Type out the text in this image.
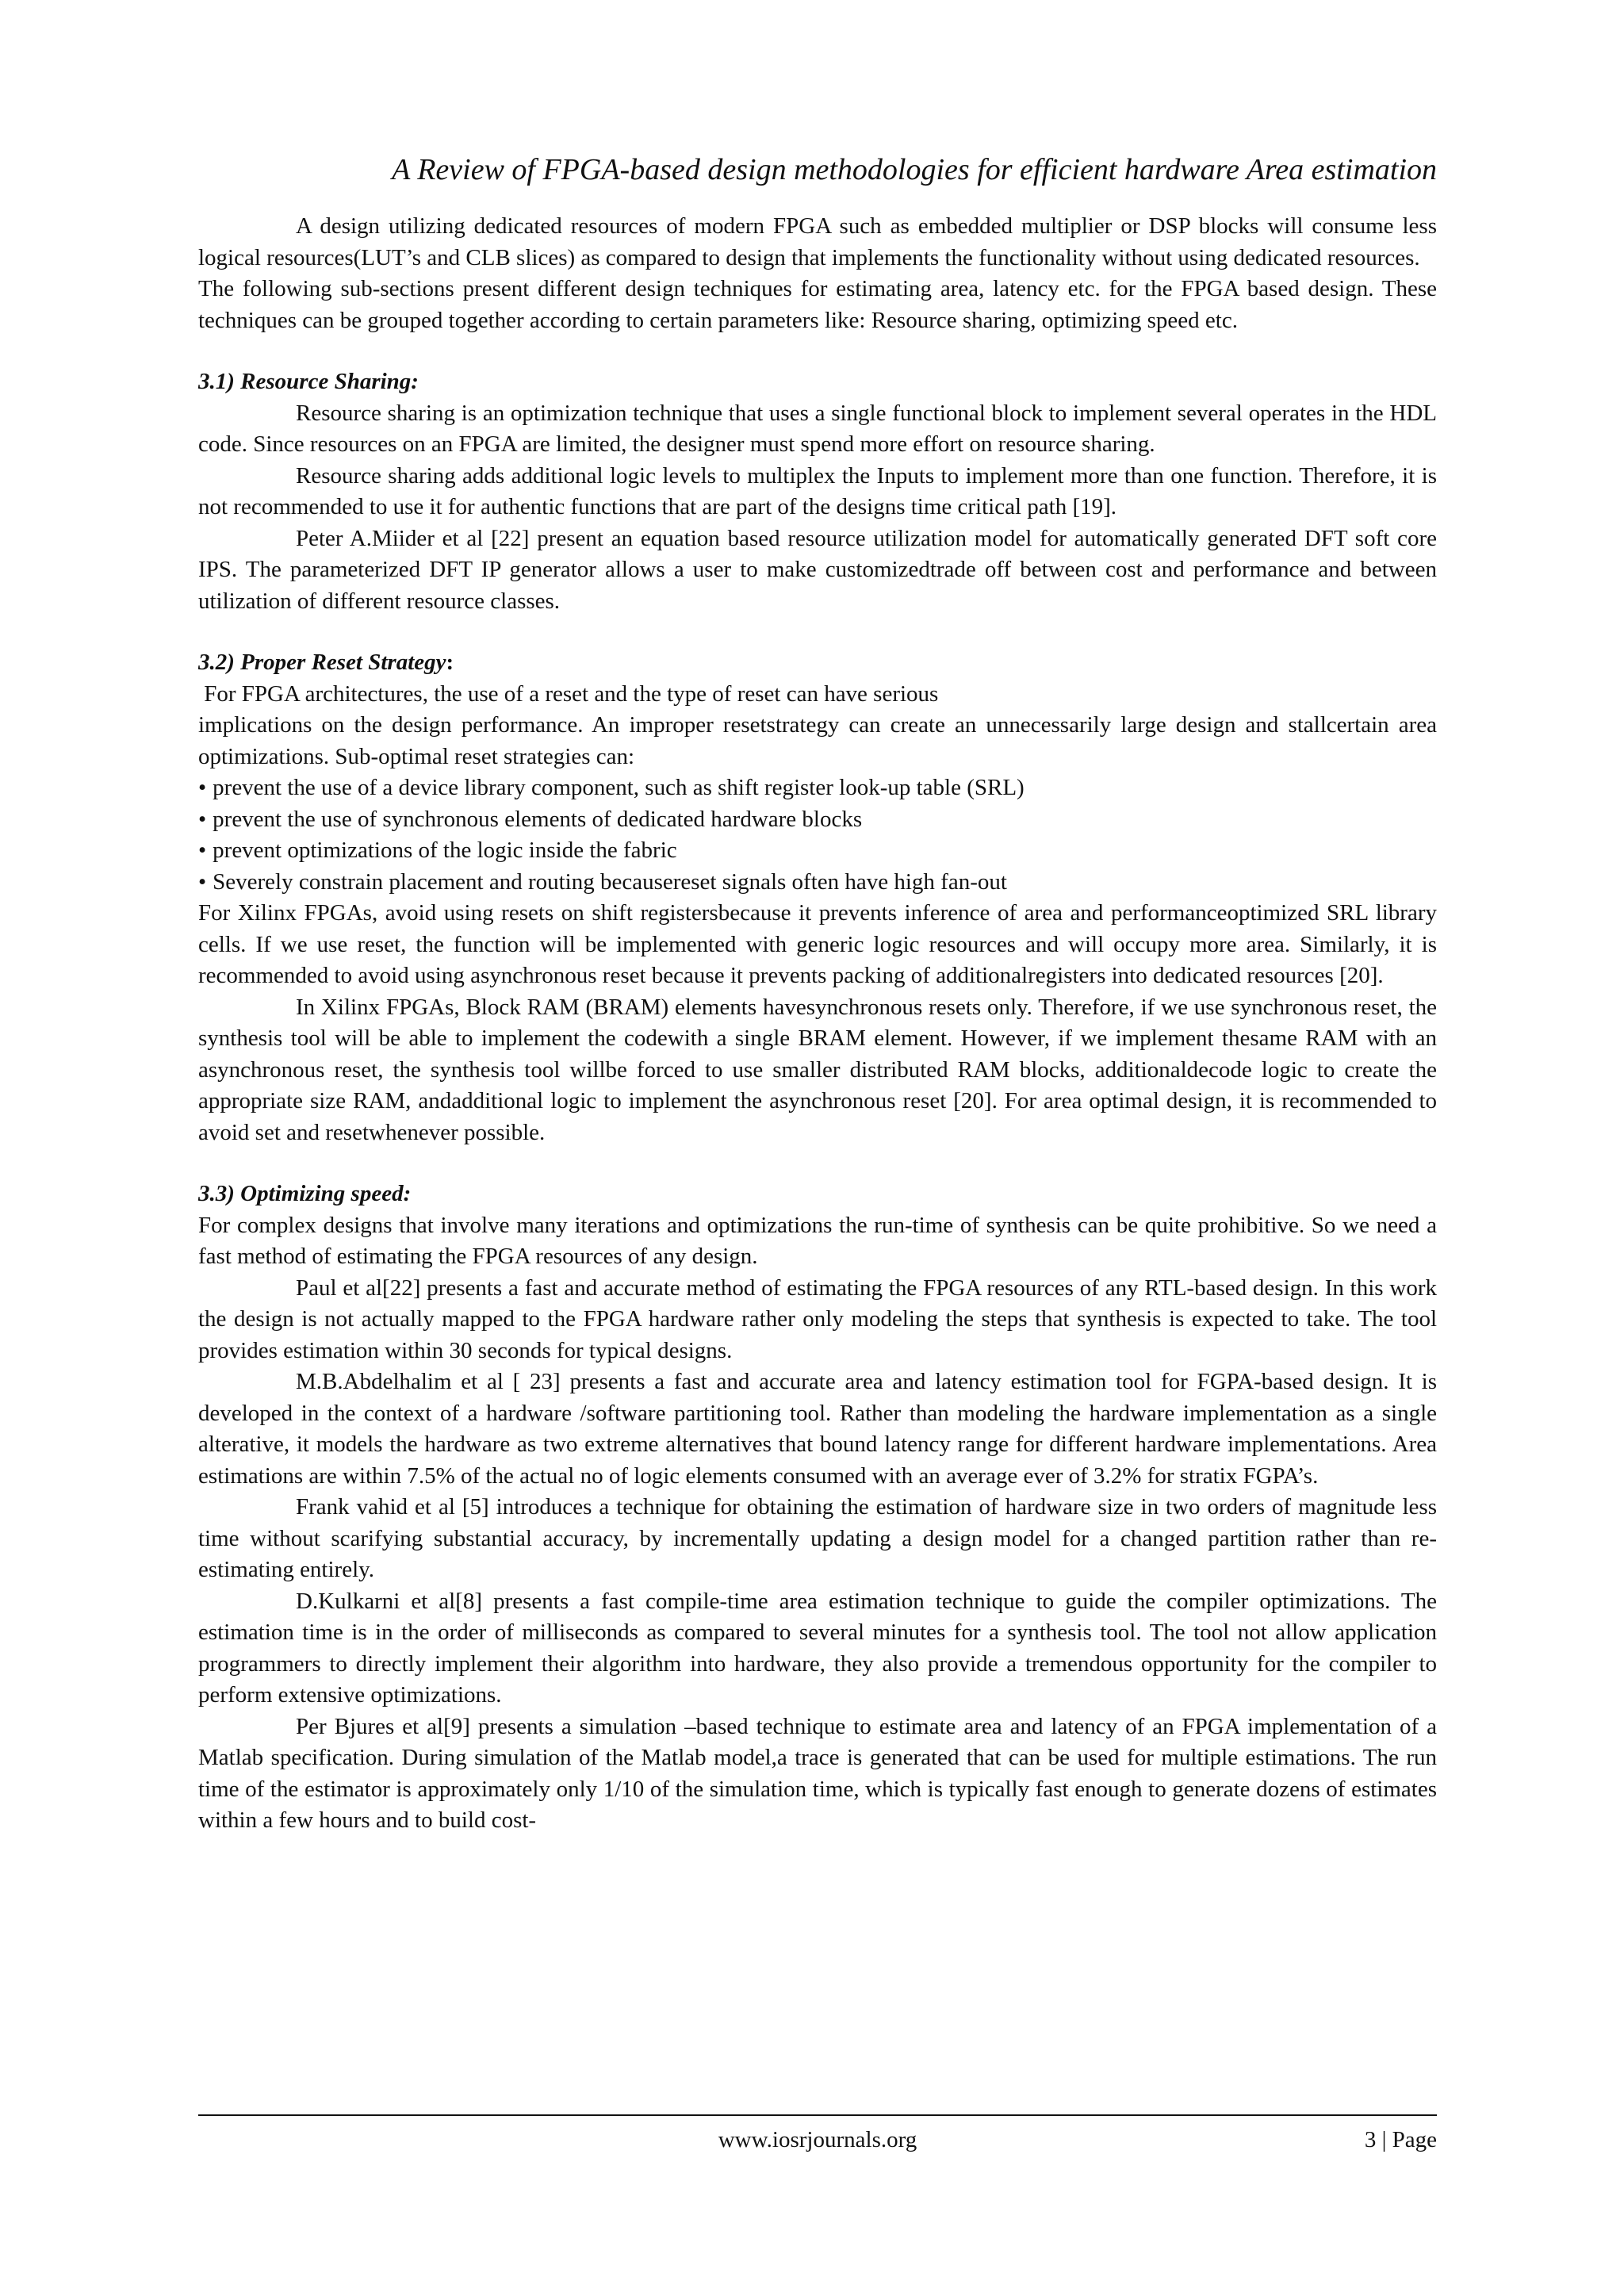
A Review of FPGA-based design methodologies for efficient hardware Area estimation

A design utilizing dedicated resources of modern FPGA such as embedded multiplier or DSP blocks will consume less logical resources(LUT’s and CLB slices) as compared to design that implements the functionality without using dedicated resources.

The following sub-sections present different design techniques for estimating area, latency etc. for the FPGA based design. These techniques can be grouped together according to certain parameters like: Resource sharing, optimizing speed etc.

3.1) Resource Sharing:

Resource sharing is an optimization technique that uses a single functional block to implement several operates in the HDL code. Since resources on an FPGA are limited, the designer must spend more effort on resource sharing.

Resource sharing adds additional logic levels to multiplex the Inputs to implement more than one function. Therefore, it is not recommended to use it for authentic functions that are part of the designs time critical path [19].

Peter A.Miider et al [22] present an equation based resource utilization model for automatically generated DFT soft core IPS. The parameterized DFT IP generator allows a user to make customizedtrade off between cost and performance and between utilization of different resource classes.

3.2) Proper Reset Strategy:

For FPGA architectures, the use of a reset and the type of reset can have serious

implications on the design performance. An improper resetstrategy can create an unnecessarily large design and stallcertain area optimizations. Sub-optimal reset strategies can:

• prevent the use of a device library component, such as shift register look-up table (SRL)
• prevent the use of synchronous elements of dedicated hardware blocks
• prevent optimizations of the logic inside the fabric
• Severely constrain placement and routing becausereset signals often have high fan-out

For Xilinx FPGAs, avoid using resets on shift registersbecause it prevents inference of area and performanceoptimized SRL library cells. If we use reset, the function will be implemented with generic logic resources and will occupy more area. Similarly, it is recommended to avoid using asynchronous reset because it prevents packing of additionalregisters into dedicated resources [20].

In Xilinx FPGAs, Block RAM (BRAM) elements havesynchronous resets only. Therefore, if we use synchronous reset, the synthesis tool will be able to implement the codewith a single BRAM element. However, if we implement thesame RAM with an asynchronous reset, the synthesis tool willbe forced to use smaller distributed RAM blocks, additionaldecode logic to create the appropriate size RAM, andadditional logic to implement the asynchronous reset [20]. For area optimal design, it is recommended to avoid set and resetwhenever possible.

3.3) Optimizing speed:

For complex designs that involve many iterations and optimizations the run-time of synthesis can be quite prohibitive. So we need a fast method of estimating the FPGA resources of any design.

Paul et al[22] presents a fast and accurate method of estimating the FPGA resources of any RTL-based design. In this work the design is not actually mapped to the FPGA hardware rather only modeling the steps that synthesis is expected to take. The tool provides estimation within 30 seconds for typical designs.

M.B.Abdelhalim et al [ 23] presents a fast and accurate area and latency estimation tool for FGPA-based design. It is developed in the context of a hardware /software partitioning tool. Rather than modeling the hardware implementation as a single alterative, it models the hardware as two extreme alternatives that bound latency range for different hardware implementations. Area estimations are within 7.5% of the actual no of logic elements consumed with an average ever of 3.2% for stratix FGPA’s.

Frank vahid et al [5] introduces a technique for obtaining the estimation of hardware size in two orders of magnitude less time without scarifying substantial accuracy, by incrementally updating a design model for a changed partition rather than re-estimating entirely.

D.Kulkarni et al[8] presents a fast compile-time area estimation technique to guide the compiler optimizations. The estimation time is in the order of milliseconds as compared to several minutes for a synthesis tool. The tool not allow application programmers to directly implement their algorithm into hardware, they also provide a tremendous opportunity for the compiler to perform extensive optimizations.

Per Bjures et al[9] presents a simulation –based technique to estimate area and latency of an FPGA implementation of a Matlab specification. During simulation of the Matlab model,a trace is generated that can be used for multiple estimations. The run time of the estimator is approximately only 1/10 of the simulation time, which is typically fast enough to generate dozens of estimates within a few hours and to build cost-

www.iosrjournals.org	3 | Page
